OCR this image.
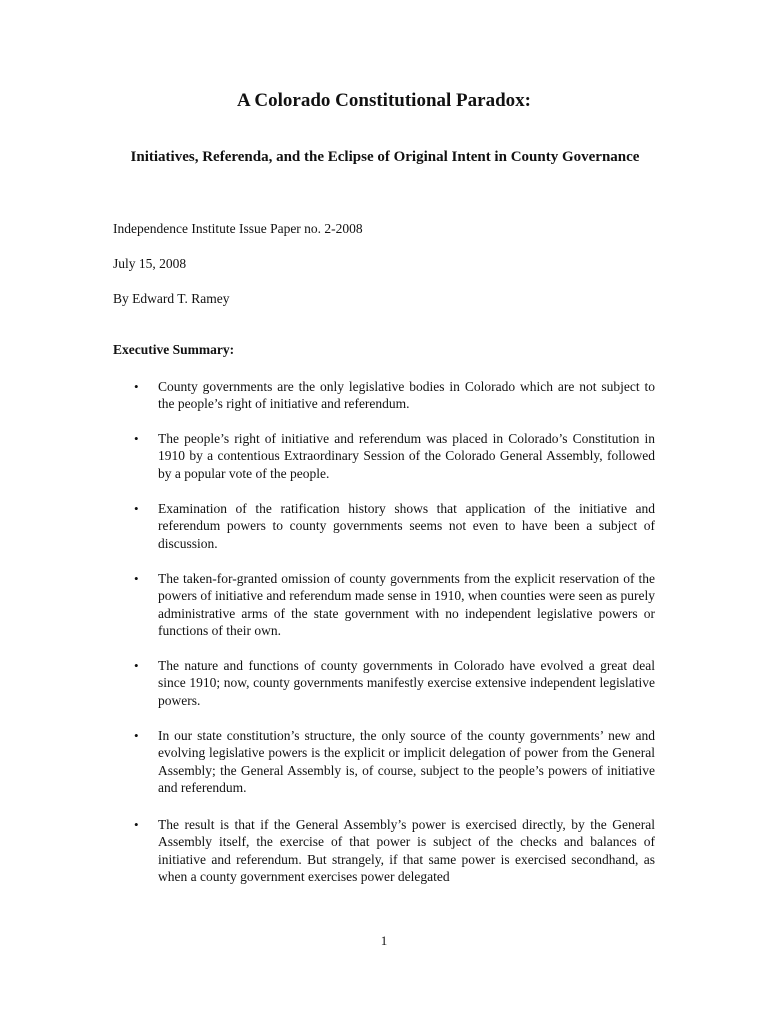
A Colorado Constitutional Paradox:
Initiatives, Referenda, and the Eclipse of Original Intent in County Governance

Independence Institute Issue Paper no. 2-2008

July 15, 2008

By Edward T. Ramey

Executive Summary:
• County governments are the only legislative bodies in Colorado which are not subject to the people’s right of initiative and referendum.

• The people’s right of initiative and referendum was placed in Colorado’s Constitution in 1910 by a contentious Extraordinary Session of the Colorado General Assembly, followed by a popular vote of the people.

• Examination of the ratification history shows that application of the initiative and referendum powers to county governments seems not even to have been a subject of discussion.

• The taken-for-granted omission of county governments from the explicit reservation of the powers of initiative and referendum made sense in 1910, when counties were seen as purely administrative arms of the state government with no independent legislative powers or functions of their own.

• The nature and functions of county governments in Colorado have evolved a great deal since 1910; now, county governments manifestly exercise extensive independent legislative powers.

• In our state constitution’s structure, the only source of the county governments’ new and evolving legislative powers is the explicit or implicit delegation of power from the General Assembly; the General Assembly is, of course, subject to the people’s powers of initiative and referendum.

• The result is that if the General Assembly’s power is exercised directly, by the General Assembly itself, the exercise of that power is subject of the checks and balances of initiative and referendum. But strangely, if that same power is exercised secondhand, as when a county government exercises power delegated

1
